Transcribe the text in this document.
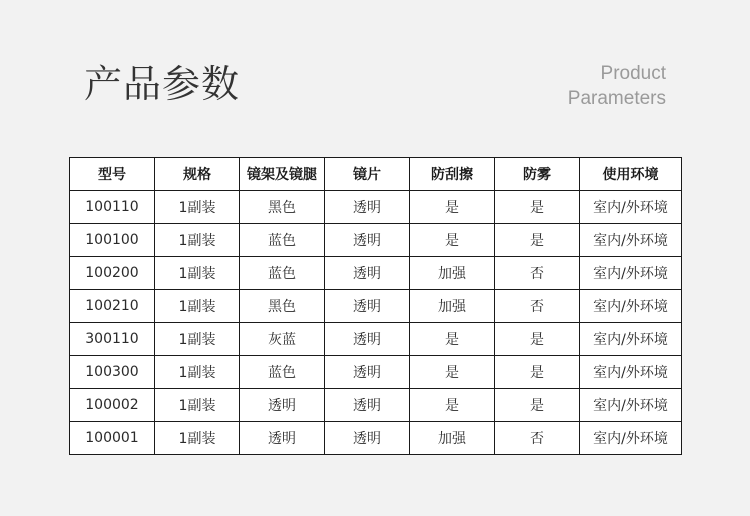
产品参数	Product
Parameters
型号	规格	镜架及镜腿	镜片	防刮擦	防雾	使用环境
100110	1副装	黑色	透明	是	是	室内/外环境
100100	1副装	蓝色	透明	是	是	室内/外环境
100200	1副装	蓝色	透明	加强	否	室内/外环境
100210	1副装	黑色	透明	加强	否	室内/外环境
300110	1副装	灰蓝	透明	是	是	室内/外环境
100300	1副装	蓝色	透明	是	是	室内/外环境
100002	1副装	透明	透明	是	是	室内/外环境
100001	1副装	透明	透明	加强	否	室内/外环境
